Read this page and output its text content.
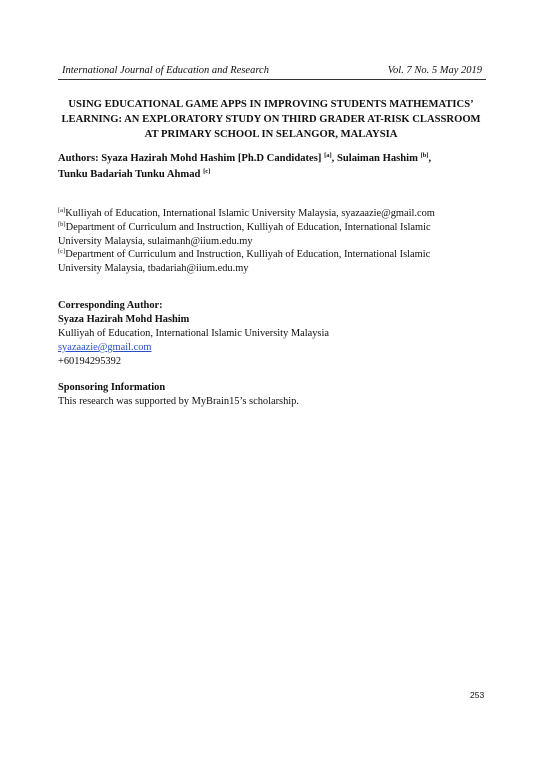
International Journal of Education and Research	Vol. 7 No. 5 May 2019
USING EDUCATIONAL GAME APPS IN IMPROVING STUDENTS MATHEMATICS’
LEARNING: AN EXPLORATORY STUDY ON THIRD GRADER AT-RISK CLASSROOM
AT PRIMARY SCHOOL IN SELANGOR, MALAYSIA
Authors: Syaza Hazirah Mohd Hashim [Ph.D Candidates] [a], Sulaiman Hashim [b],
Tunku Badariah Tunku Ahmad [c]
[a]Kulliyah of Education, International Islamic University Malaysia, syazaazie@gmail.com
[b]Department of Curriculum and Instruction, Kulliyah of Education, International Islamic
University Malaysia, sulaimanh@iium.edu.my
[c]Department of Curriculum and Instruction, Kulliyah of Education, International Islamic
University Malaysia, tbadariah@iium.edu.my
Corresponding Author:
Syaza Hazirah Mohd Hashim
Kulliyah of Education, International Islamic University Malaysia
syazaazie@gmail.com
+60194295392
Sponsoring Information
This research was supported by MyBrain15’s scholarship.
253
